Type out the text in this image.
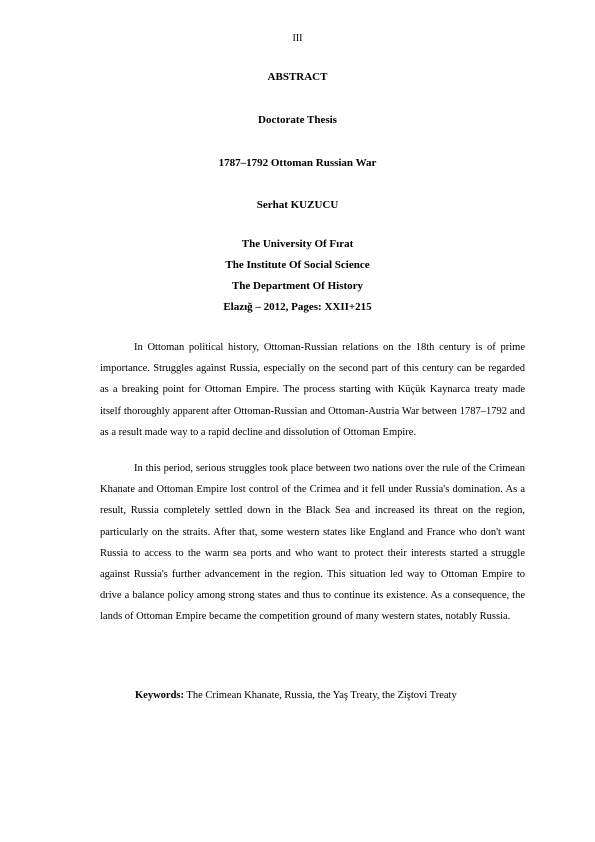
III
ABSTRACT
Doctorate Thesis
1787–1792 Ottoman Russian War
Serhat KUZUCU
The University Of Fırat
The Institute Of Social Science
The Department Of History
Elazığ – 2012, Pages: XXII+215

In Ottoman political history, Ottoman-Russian relations on the 18th century is of prime importance. Struggles against Russia, especially on the second part of this century can be regarded as a breaking point for Ottoman Empire. The process starting with Küçük Kaynarca treaty made itself thoroughly apparent after Ottoman-Russian and Ottoman-Austria War between 1787–1792 and as a result made way to a rapid decline and dissolution of Ottoman Empire.

In this period, serious struggles took place between two nations over the rule of the Crimean Khanate and Ottoman Empire lost control of the Crimea and it fell under Russia's domination. As a result, Russia completely settled down in the Black Sea and increased its threat on the region, particularly on the straits. After that, some western states like England and France who don't want Russia to access to the warm sea ports and who want to protect their interests started a struggle against Russia's further advancement in the region. This situation led way to Ottoman Empire to drive a balance policy among strong states and thus to continue its existence. As a consequence, the lands of Ottoman Empire became the competition ground of many western states, notably Russia.

Keywords: The Crimean Khanate, Russia, the Yaş Treaty, the Ziştovi Treaty
